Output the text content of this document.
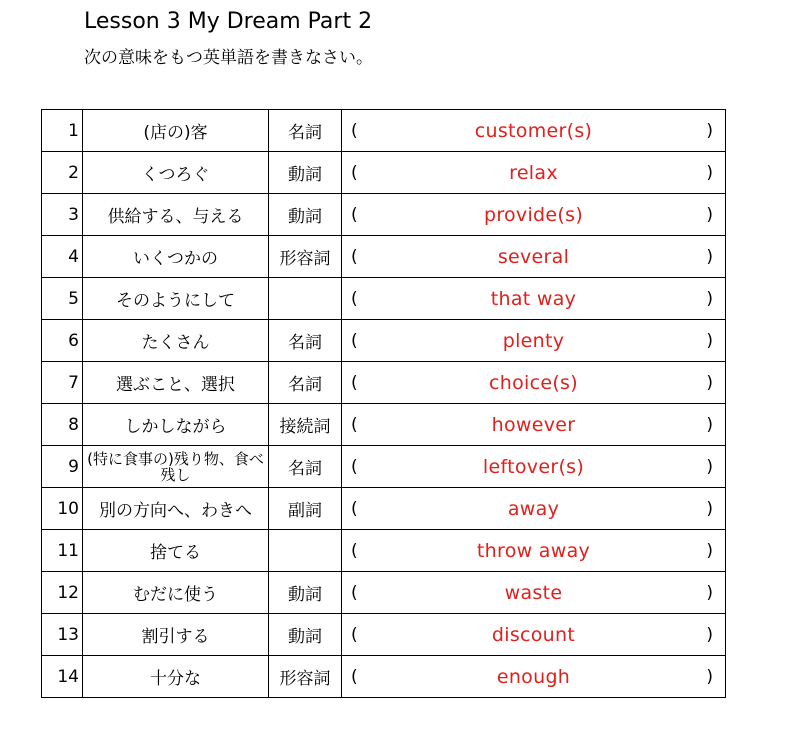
Lesson 3 My Dream Part 2
次の意味をもつ英単語を書きなさい。
1	(店の)客	名詞	( customer(s) )

2	くつろぐ	動詞	( relax )

3	供給する、与える	動詞	( provide(s) )

4	いくつかの	形容詞	( several )

5	そのようにして		( that way )

6	たくさん	名詞	( plenty )

7	選ぶこと、選択	名詞	( choice(s) )

8	しかしながら	接続詞	( however )

9	(特に食事の)残り物、食べ残し	名詞	( leftover(s) )

10	別の方向へ、わきへ	副詞	( away )

11	捨てる		( throw away )

12	むだに使う	動詞	( waste )

13	割引する	動詞	( discount )

14	十分な	形容詞	( enough )
